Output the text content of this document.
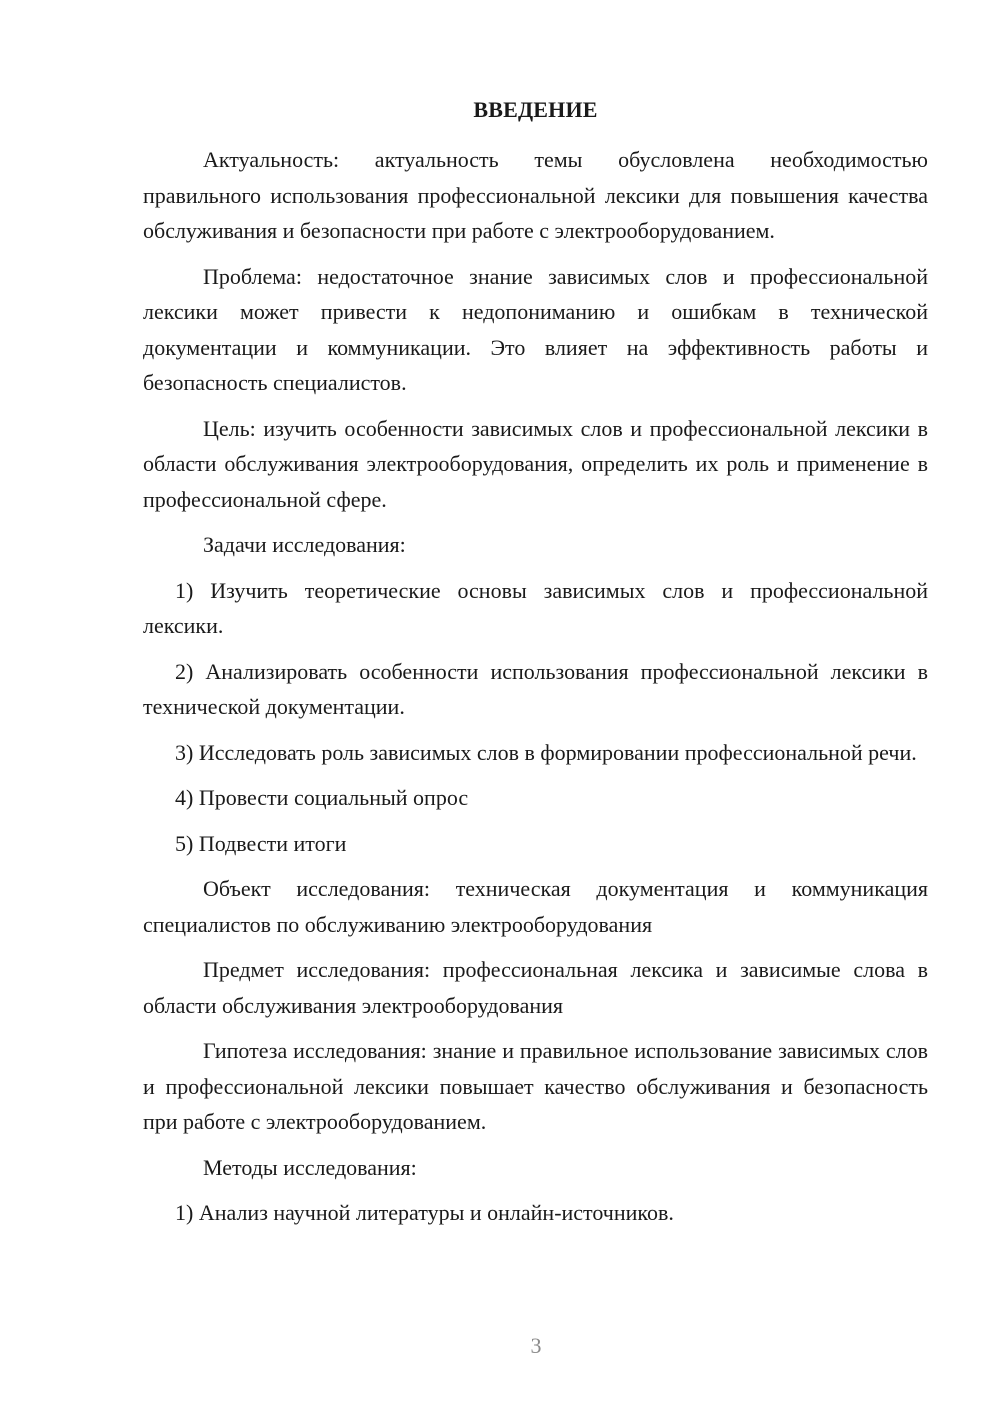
ВВЕДЕНИЕ

Актуальность: актуальность темы обусловлена необходимостью правильного использования профессиональной лексики для повышения качества обслуживания и безопасности при работе с электрооборудованием.

Проблема: недостаточное знание зависимых слов и профессиональной лексики может привести к недопониманию и ошибкам в технической документации и коммуникации. Это влияет на эффективность работы и безопасность специалистов.

Цель: изучить особенности зависимых слов и профессиональной лексики в области обслуживания электрооборудования, определить их роль и применение в профессиональной сфере.

Задачи исследования:

1) Изучить теоретические основы зависимых слов и профессиональной лексики.

2) Анализировать особенности использования профессиональной лексики в технической документации.

3) Исследовать роль зависимых слов в формировании профессиональной речи.

4) Провести социальный опрос

5) Подвести итоги

Объект исследования: техническая документация и коммуникация специалистов по обслуживанию электрооборудования

Предмет исследования: профессиональная лексика и зависимые слова в области обслуживания электрооборудования

Гипотеза исследования: знание и правильное использование зависимых слов и профессиональной лексики повышает качество обслуживания и безопасность при работе с электрооборудованием.

Методы исследования:

1) Анализ научной литературы и онлайн-источников.

3
